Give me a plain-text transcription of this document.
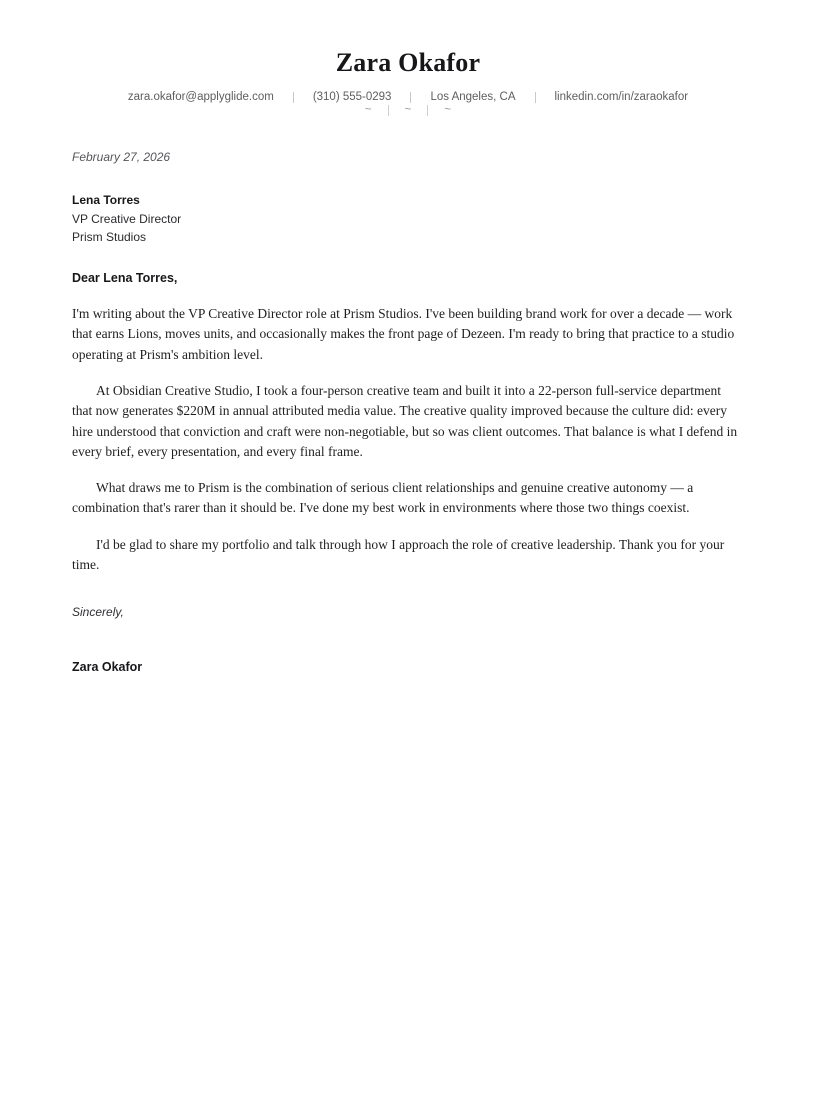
Zara Okafor
zara.okafor@applyglide.com	(310) 555-0293	Los Angeles, CA	linkedin.com/in/zaraokafor
~	~	~
February 27, 2026
Lena Torres
VP Creative Director
Prism Studios
Dear Lena Torres,

I'm writing about the VP Creative Director role at Prism Studios. I've been building brand work for over a decade — work that earns Lions, moves units, and occasionally makes the front page of Dezeen. I'm ready to bring that practice to a studio operating at Prism's ambition level.

At Obsidian Creative Studio, I took a four-person creative team and built it into a 22-person full-service department that now generates $220M in annual attributed media value. The creative quality improved because the culture did: every hire understood that conviction and craft were non-negotiable, but so was client outcomes. That balance is what I defend in every brief, every presentation, and every final frame.

What draws me to Prism is the combination of serious client relationships and genuine creative autonomy — a combination that's rarer than it should be. I've done my best work in environments where those two things coexist.

I'd be glad to share my portfolio and talk through how I approach the role of creative leadership. Thank you for your time.

Sincerely,
Zara Okafor
